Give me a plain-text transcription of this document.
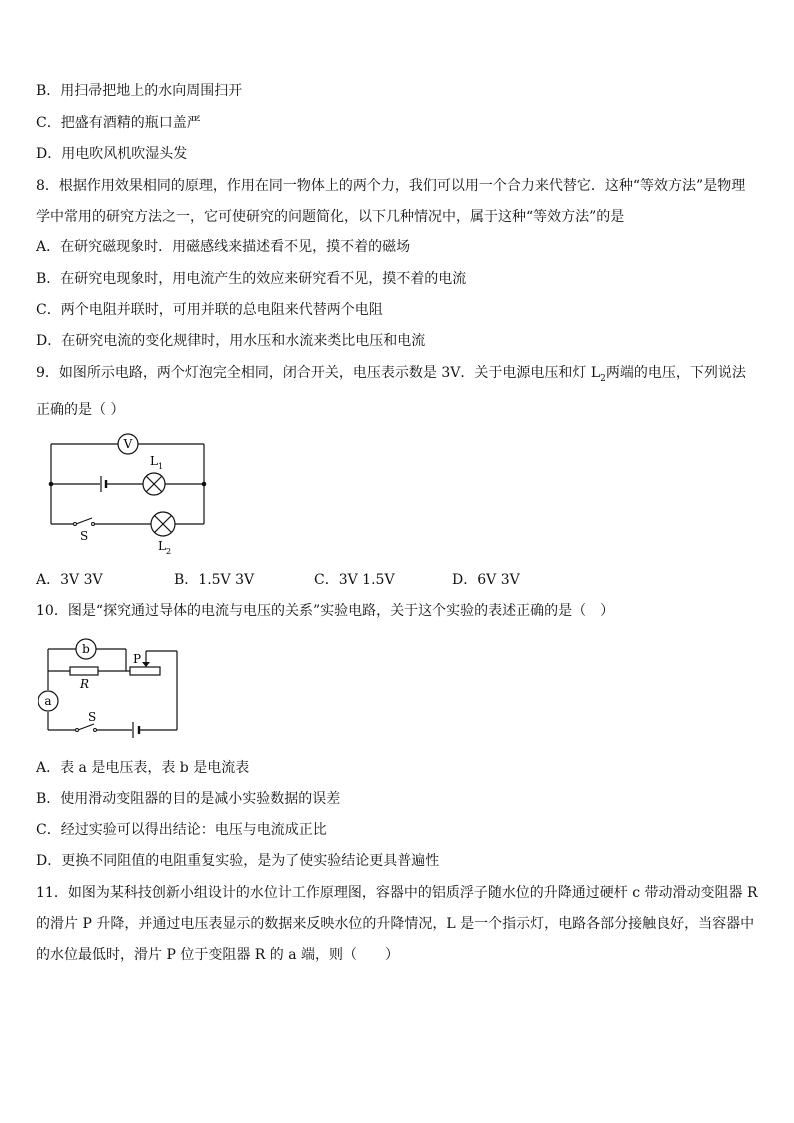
B．用扫帚把地上的水向周围扫开
C．把盛有酒精的瓶口盖严
D．用电吹风机吹湿头发
8．根据作用效果相同的原理，作用在同一物体上的两个力，我们可以用一个合力来代替它．这种“等效方法”是物理学中常用的研究方法之一，它可使研究的问题简化，以下几种情况中，属于这种“等效方法”的是
A．在研究磁现象时．用磁感线来描述看不见，摸不着的磁场
B．在研究电现象时，用电流产生的效应来研究看不见，摸不着的电流
C．两个电阻并联时，可用并联的总电阻来代替两个电阻
D．在研究电流的变化规律时，用水压和水流来类比电压和电流
9．如图所示电路，两个灯泡完全相同，闭合开关，电压表示数是 3V．关于电源电压和灯 $L_2$两端的电压，下列说法正确的是（ ）
V
$L_1$
$L_2$
S
A．3V 3V	B．1.5V 3V	C．3V 1.5V	D．6V 3V
10．图是“探究通过导体的电流与电压的关系”实验电路，关于这个实验的表述正确的是（　）
b
a
P
R
S
A．表 a 是电压表，表 b 是电流表
B．使用滑动变阻器的目的是减小实验数据的误差
C．经过实验可以得出结论：电压与电流成正比
D．更换不同阻值的电阻重复实验，是为了使实验结论更具普遍性
11．如图为某科技创新小组设计的水位计工作原理图，容器中的铝质浮子随水位的升降通过硬杆 c 带动滑动变阻器 R 的滑片 P 升降，并通过电压表显示的数据来反映水位的升降情况，L 是一个指示灯，电路各部分接触良好，当容器中的水位最低时，滑片 P 位于变阻器 R 的 a 端，则（　　）
